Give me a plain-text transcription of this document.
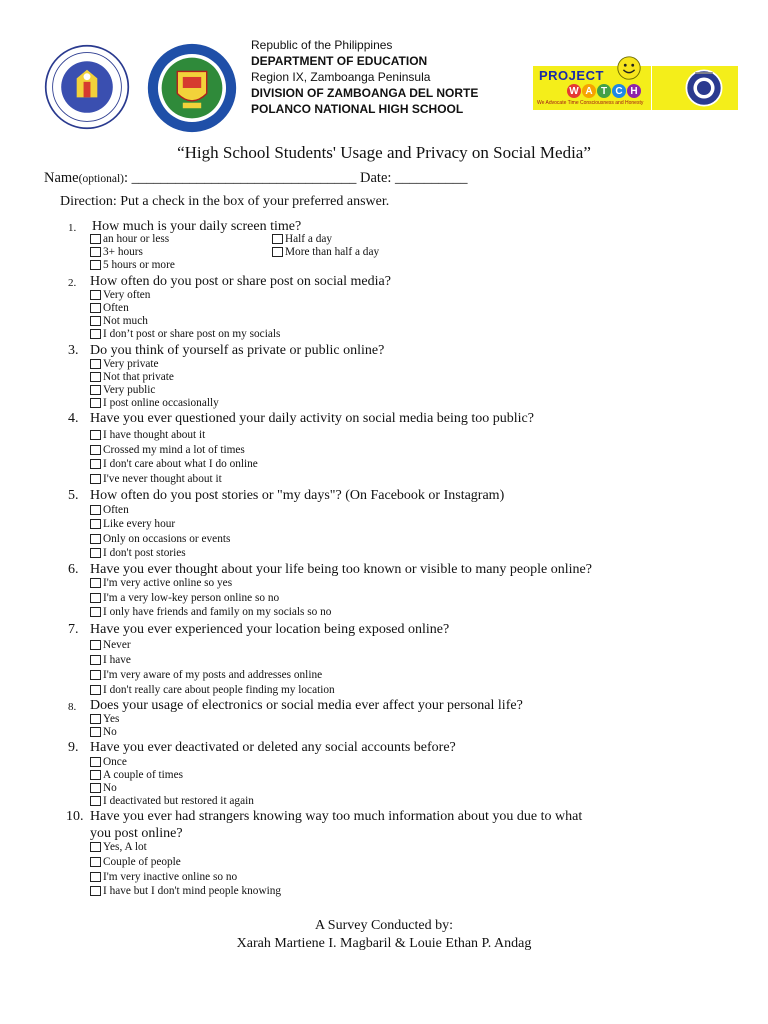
Republic of the Philippines
DEPARTMENT OF EDUCATION
Region IX, Zamboanga Peninsula
DIVISION OF ZAMBOANGA DEL NORTE
POLANCO NATIONAL HIGH SCHOOL
PROJECT
W A T C H
We Advocate Time Consciousness and Honesty
“High School Students' Usage and Privacy on Social Media”
Name(optional): _______________________________ Date: __________
Direction: Put a check in the box of your preferred answer.
1. How much is your daily screen time?
an hour or less	Half a day
3+ hours	More than half a day
5 hours or more
2. How often do you post or share post on social media?
Very often
Often
Not much
I don’t post or share post on my socials
3. Do you think of yourself as private or public online?
Very private
Not that private
Very public
I post online occasionally
4. Have you ever questioned your daily activity on social media being too public?
I have thought about it
Crossed my mind a lot of times
I don't care about what I do online
I've never thought about it
5. How often do you post stories or "my days"? (On Facebook or Instagram)
Often
Like every hour
Only on occasions or events
I don't post stories
6. Have you ever thought about your life being too known or visible to many people online?
I'm very active online so yes
I'm a very low-key person online so no
I only have friends and family on my socials so no
7. Have you ever experienced your location being exposed online?
Never
I have
I'm very aware of my posts and addresses online
I don't really care about people finding my location
8. Does your usage of electronics or social media ever affect your personal life?
Yes
No
9. Have you ever deactivated or deleted any social accounts before?
Once
A couple of times
No
I deactivated but restored it again
10. Have you ever had strangers knowing way too much information about you due to what
you post online?
Yes, A lot
Couple of people
I'm very inactive online so no
I have but I don't mind people knowing
A Survey Conducted by:
Xarah Martiene I. Magbaril & Louie Ethan P. Andag
